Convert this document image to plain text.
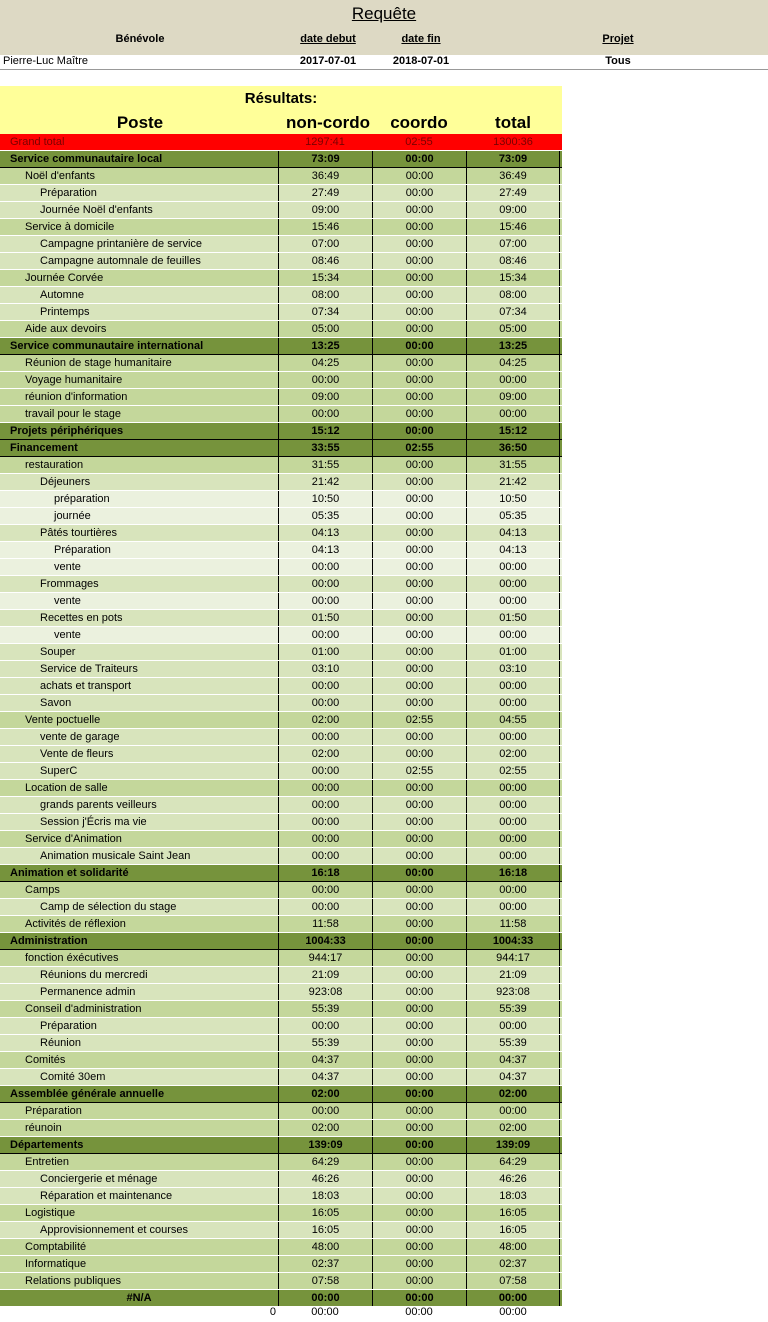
Requête
Bénévole	date debut	date fin	Projet
Pierre-Luc Maître	2017-07-01	2018-07-01	Tous
Résultats:
Poste	non-cordo	coordo	total
Grand total	1297:41	02:55	1300:36
Service communautaire local	73:09	00:00	73:09
Noël d'enfants	36:49	00:00	36:49
Préparation	27:49	00:00	27:49
Journée Noël d'enfants	09:00	00:00	09:00
Service à domicile	15:46	00:00	15:46
Campagne printanière de service	07:00	00:00	07:00
Campagne automnale de feuilles	08:46	00:00	08:46
Journée Corvée	15:34	00:00	15:34
Automne	08:00	00:00	08:00
Printemps	07:34	00:00	07:34
Aide aux devoirs	05:00	00:00	05:00
Service communautaire international	13:25	00:00	13:25
Réunion de stage humanitaire	04:25	00:00	04:25
Voyage humanitaire	00:00	00:00	00:00
réunion d'information	09:00	00:00	09:00
travail pour le stage	00:00	00:00	00:00
Projets périphériques	15:12	00:00	15:12
Financement	33:55	02:55	36:50
restauration	31:55	00:00	31:55
Déjeuners	21:42	00:00	21:42
préparation	10:50	00:00	10:50
journée	05:35	00:00	05:35
Pâtés tourtières	04:13	00:00	04:13
Préparation	04:13	00:00	04:13
vente	00:00	00:00	00:00
Frommages	00:00	00:00	00:00
vente	00:00	00:00	00:00
Recettes en pots	01:50	00:00	01:50
vente	00:00	00:00	00:00
Souper	01:00	00:00	01:00
Service de Traiteurs	03:10	00:00	03:10
achats et transport	00:00	00:00	00:00
Savon	00:00	00:00	00:00
Vente poctuelle	02:00	02:55	04:55
vente de garage	00:00	00:00	00:00
Vente de fleurs	02:00	00:00	02:00
SuperC	00:00	02:55	02:55
Location de salle	00:00	00:00	00:00
grands parents veilleurs	00:00	00:00	00:00
Session j'Écris ma vie	00:00	00:00	00:00
Service d'Animation	00:00	00:00	00:00
Animation musicale Saint Jean	00:00	00:00	00:00
Animation et solidarité	16:18	00:00	16:18
Camps	00:00	00:00	00:00
Camp de sélection du stage	00:00	00:00	00:00
Activités de réflexion	11:58	00:00	11:58
Administration	1004:33	00:00	1004:33
fonction éxécutives	944:17	00:00	944:17
Réunions du mercredi	21:09	00:00	21:09
Permanence admin	923:08	00:00	923:08
Conseil d'administration	55:39	00:00	55:39
Préparation	00:00	00:00	00:00
Réunion	55:39	00:00	55:39
Comités	04:37	00:00	04:37
Comité 30em	04:37	00:00	04:37
Assemblée générale annuelle	02:00	00:00	02:00
Préparation	00:00	00:00	00:00
réunoin	02:00	00:00	02:00
Départements	139:09	00:00	139:09
Entretien	64:29	00:00	64:29
Conciergerie et ménage	46:26	00:00	46:26
Réparation et maintenance	18:03	00:00	18:03
Logistique	16:05	00:00	16:05
Approvisionnement et courses	16:05	00:00	16:05
Comptabilité	48:00	00:00	48:00
Informatique	02:37	00:00	02:37
Relations publiques	07:58	00:00	07:58
#N/A	00:00	00:00	00:00
0	00:00	00:00	00:00
